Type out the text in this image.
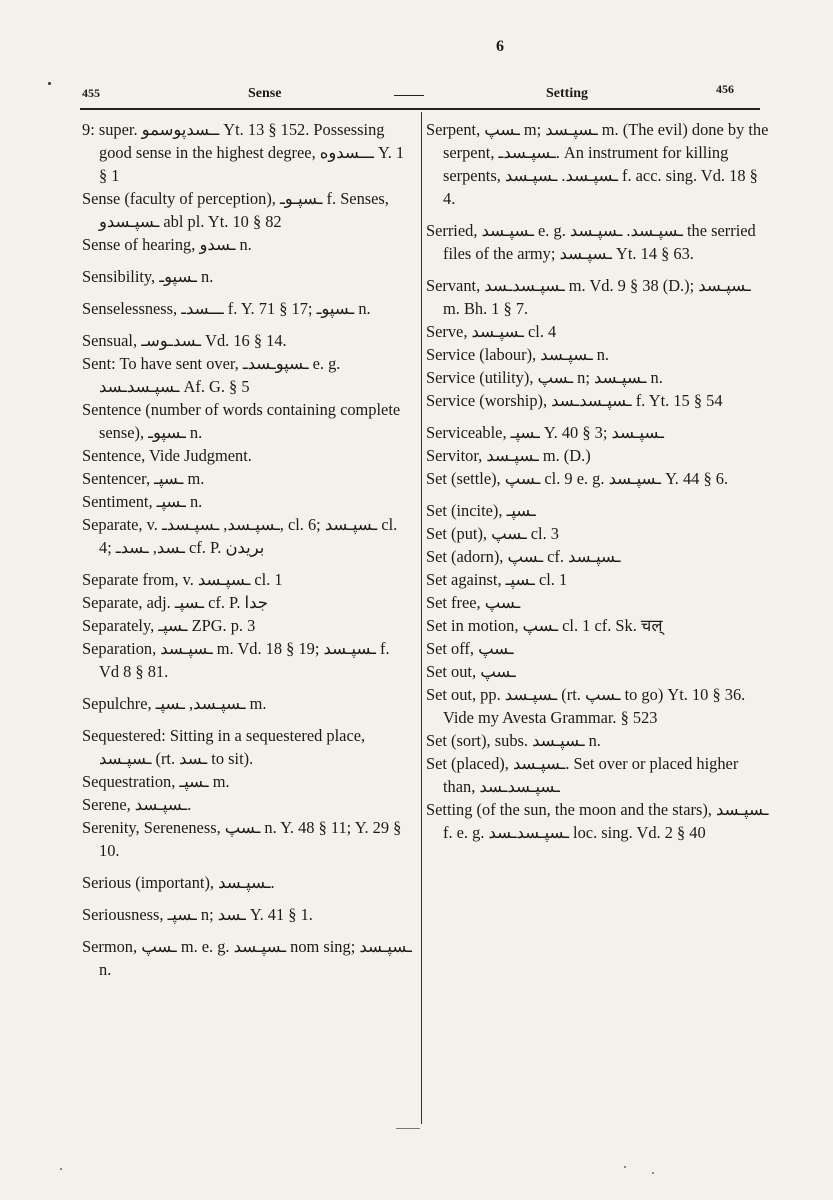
6
455	Sense	Setting	456

9: super. ﻿ــ﻿سدپوسمو Yt. 13 § 152. Possessing good sense in the highest degree, ـــسدوه Y. 1 § 1

Sense (faculty of perception), ـسپـ﻿وـ f. Senses, ـسپـسدو abl pl. Yt. 10 § 82

Sense of hearing, ـسدو n.

Sensibility, ـسپوـ n.

Senselessness, ـــسدـ f. Y. 71 § 17; ـسپوـ n.

Sensual, ـسدـوسـ Vd. 16 § 14.

Sent: To have sent over, ـسپوـسدـ e. g. ـسپـسدـسد Af. G. § 5

Sentence (number of words containing complete sense), ـسپوـ n.

Sentence, Vide Judgment.

Sentencer, ـسپـ m.

Sentiment, ـسپـ n.

Separate, v. ـسپـسد, ـسپـسدـ, cl. 6; ـسپـسد cl. 4; ـسد, ـسدـ cf. P. بریدن

Separate from, v. ـسپـسد cl. 1

Separate, adj. ـسپـ cf. P. جدا

Separately, ـسپـ ZPG. p. 3

Separation, ـسپـسد m. Vd. 18 § 19; ـسپـسد f. Vd 8 § 81.

Sepulchre, ـسپـسد, ـسپـ m.

Sequestered: Sitting in a sequestered place, ـسپـسد (rt. ـسد to sit).

Sequestration, ـسپـ m.

Serene, ـسپـسد.

Serenity, Sereneness, ـسپ n. Y. 48 § 11; Y. 29 § 10.

Serious (important), ـسپـسد.

Seriousness, ـسپـ n; ـسد Y. 41 § 1.

Sermon, ـسپ m. e. g. ـسپـسد nom sing; ـسپـسد n.

Serpent, ـسپ m; ـسپـسد m. (The evil) done by the serpent, ـسپـسدـ. An instrument for killing serpents, ـسپـسد. ـسپـسد f. acc. sing. Vd. 18 § 4.

Serried, ـسپـسد e. g. ـسپـسد. ـسپـسد the serried files of the army; ـسپـسد Yt. 14 § 63.

Servant, ـسپـسدـسد m. Vd. 9 § 38 (D.); ـسپـسد m. Bh. 1 § 7.

Serve, ـسپـسد cl. 4

Service (labour), ـسپـسد n.

Service (utility), ـسپ n; ـسپـسد n.

Service (worship), ـسپـسدـسد f. Yt. 15 § 54

Serviceable, ـسپـ Y. 40 § 3; ـسپـسد

Servitor, ـسپـسد m. (D.)

Set (settle), ـسپ cl. 9 e. g. ـسپـسد Y. 44 § 6.

Set (incite), ـسپـ

Set (put), ـسپ cl. 3

Set (adorn), ـسپ cf. ـسپـسد

Set against, ـسپـ cl. 1

Set free, ـسپ

Set in motion, ـسپ cl. 1 cf. Sk. चल्

Set off, ـسپ

Set out, ـسپ

Set out, pp. ـسپـسد (rt. ـسپ to go) Yt. 10 § 36. Vide my Avesta Grammar. § 523

Set (sort), subs. ـسپـسد n.

Set (placed), ـسپـسد. Set over or placed higher than, ـسپـسدـسد

Setting (of the sun, the moon and the stars), ـسپـسد f. e. g. ـسپـسدـسد loc. sing. Vd. 2 § 40
